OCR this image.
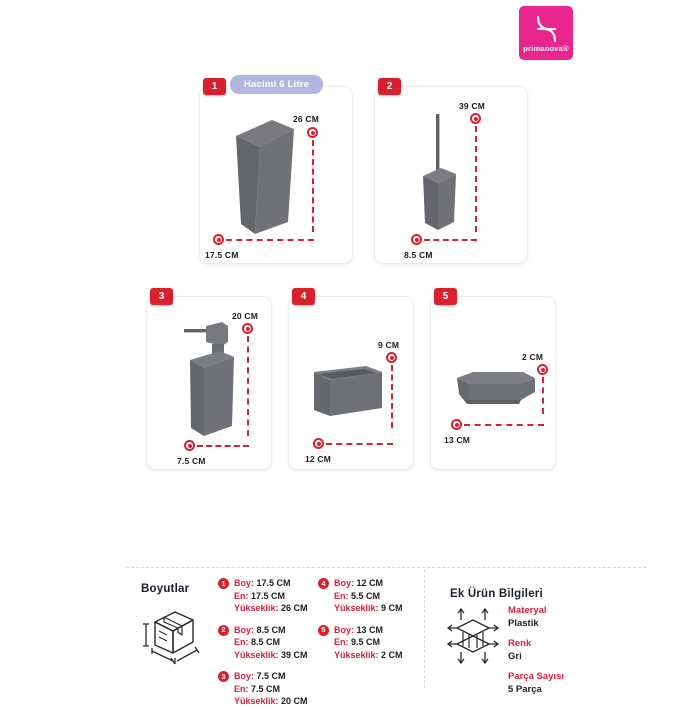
primanova®
1	Hacimi 6 Litre
26 CM
17.5 CM
2
39 CM
8.5 CM
3
20 CM
7.5 CM
4
9 CM
12 CM
5
2 CM
13 CM
Boyutlar	1 Boy: 17.5 CM
En: 17.5 CM
Yükseklik: 26 CM
2 Boy: 8.5 CM
En: 8.5 CM
Yükseklik: 39 CM
3 Boy: 7.5 CM
En: 7.5 CM
Yükseklik: 20 CM
4 Boy: 12 CM
En: 5.5 CM
Yükseklik: 9 CM
5 Boy: 13 CM
En: 9.5 CM
Yükseklik: 2 CM
Ek Ürün Bilgileri
Materyal
Plastik
Renk
Gri
Parça Sayısı
5 Parça
